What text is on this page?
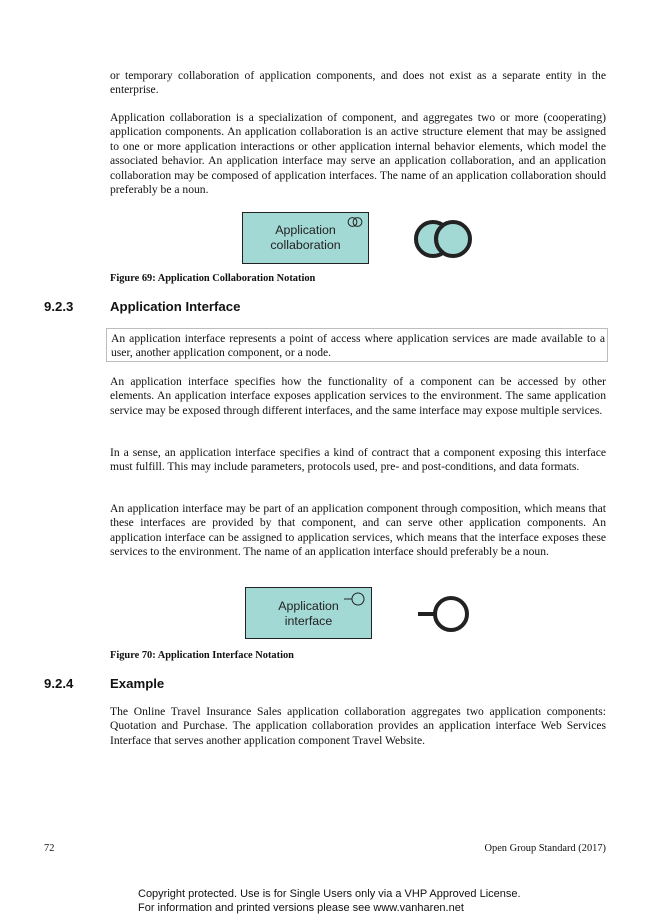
or temporary collaboration of application components, and does not exist as a separate entity in the enterprise.

Application collaboration is a specialization of component, and aggregates two or more (cooperating) application components. An application collaboration is an active structure element that may be assigned to one or more application interactions or other application internal behavior elements, which model the associated behavior. An application interface may serve an application collaboration, and an application collaboration may be composed of application interfaces. The name of an application collaboration should preferably be a noun.

Application
collaboration

Figure 69: Application Collaboration Notation

9.2.3	Application Interface

An application interface represents a point of access where application services are made available to a user, another application component, or a node.

An application interface specifies how the functionality of a component can be accessed by other elements. An application interface exposes application services to the environment. The same application service may be exposed through different interfaces, and the same interface may expose multiple services.

In a sense, an application interface specifies a kind of contract that a component exposing this interface must fulfill. This may include parameters, protocols used, pre- and post-conditions, and data formats.

An application interface may be part of an application component through composition, which means that these interfaces are provided by that component, and can serve other application components. An application interface can be assigned to application services, which means that the interface exposes these services to the environment. The name of an application interface should preferably be a noun.

Application
interface

Figure 70: Application Interface Notation

9.2.4	Example

The Online Travel Insurance Sales application collaboration aggregates two application components: Quotation and Purchase. The application collaboration provides an application interface Web Services Interface that serves another application component Travel Website.

72	Open Group Standard (2017)
Copyright protected. Use is for Single Users only via a VHP Approved License.
For information and printed versions please see www.vanharen.net
